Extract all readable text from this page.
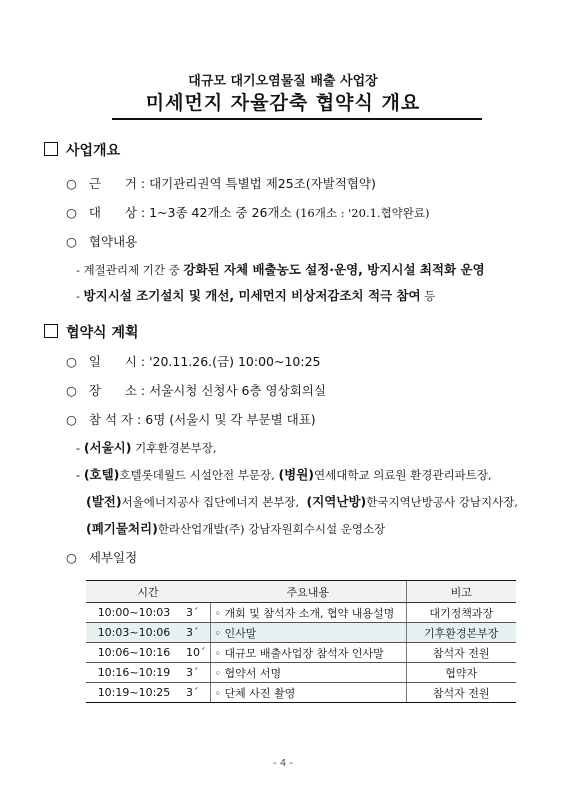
대규모 대기오염물질 배출 사업장
미세먼지 자율감축 협약식 개요
사업개요
○ 근      거 : 대기관리권역 특별법 제25조(자발적협약)
○ 대      상 : 1~3종 42개소 중 26개소 (16개소 : '20.1.협약완료)
○ 협약내용
- 계절관리제 기간 중 강화된 자체 배출농도 설정·운영, 방지시설 최적화 운영
- 방지시설 조기설치 및 개선, 미세먼지 비상저감조치 적극 참여 등
협약식 계획
○ 일      시 : '20.11.26.(금) 10:00~10:25
○ 장      소 : 서울시청 신청사 6층 영상회의실
○ 참 석 자 : 6명 (서울시 및 각 부문별 대표)
- (서울시) 기후환경본부장,
- (호텔)호텔롯데월드 시설안전 부문장, (병원)연세대학교 의료원 환경관리파트장,
(발전)서울에너지공사 집단에너지 본부장,  (지역난방)한국지역난방공사 강남지사장,
(폐기물처리)한라산업개발(주) 강남자원회수시설 운영소장
○ 세부일정
시간		주요내용	비고
10:00~10:03	3´	◦ 개회 및 참석자 소개, 협약 내용설명	대기정책과장
10:03~10:06	3´	◦ 인사말	기후환경본부장
10:06~10:16	10´	◦ 대규모 배출사업장 참석자 인사말	참석자 전원
10:16~10:19	3´	◦ 협약서 서명	협약자
10:19~10:25	3´	◦ 단체 사진 촬영	참석자 전원
- 4 -
